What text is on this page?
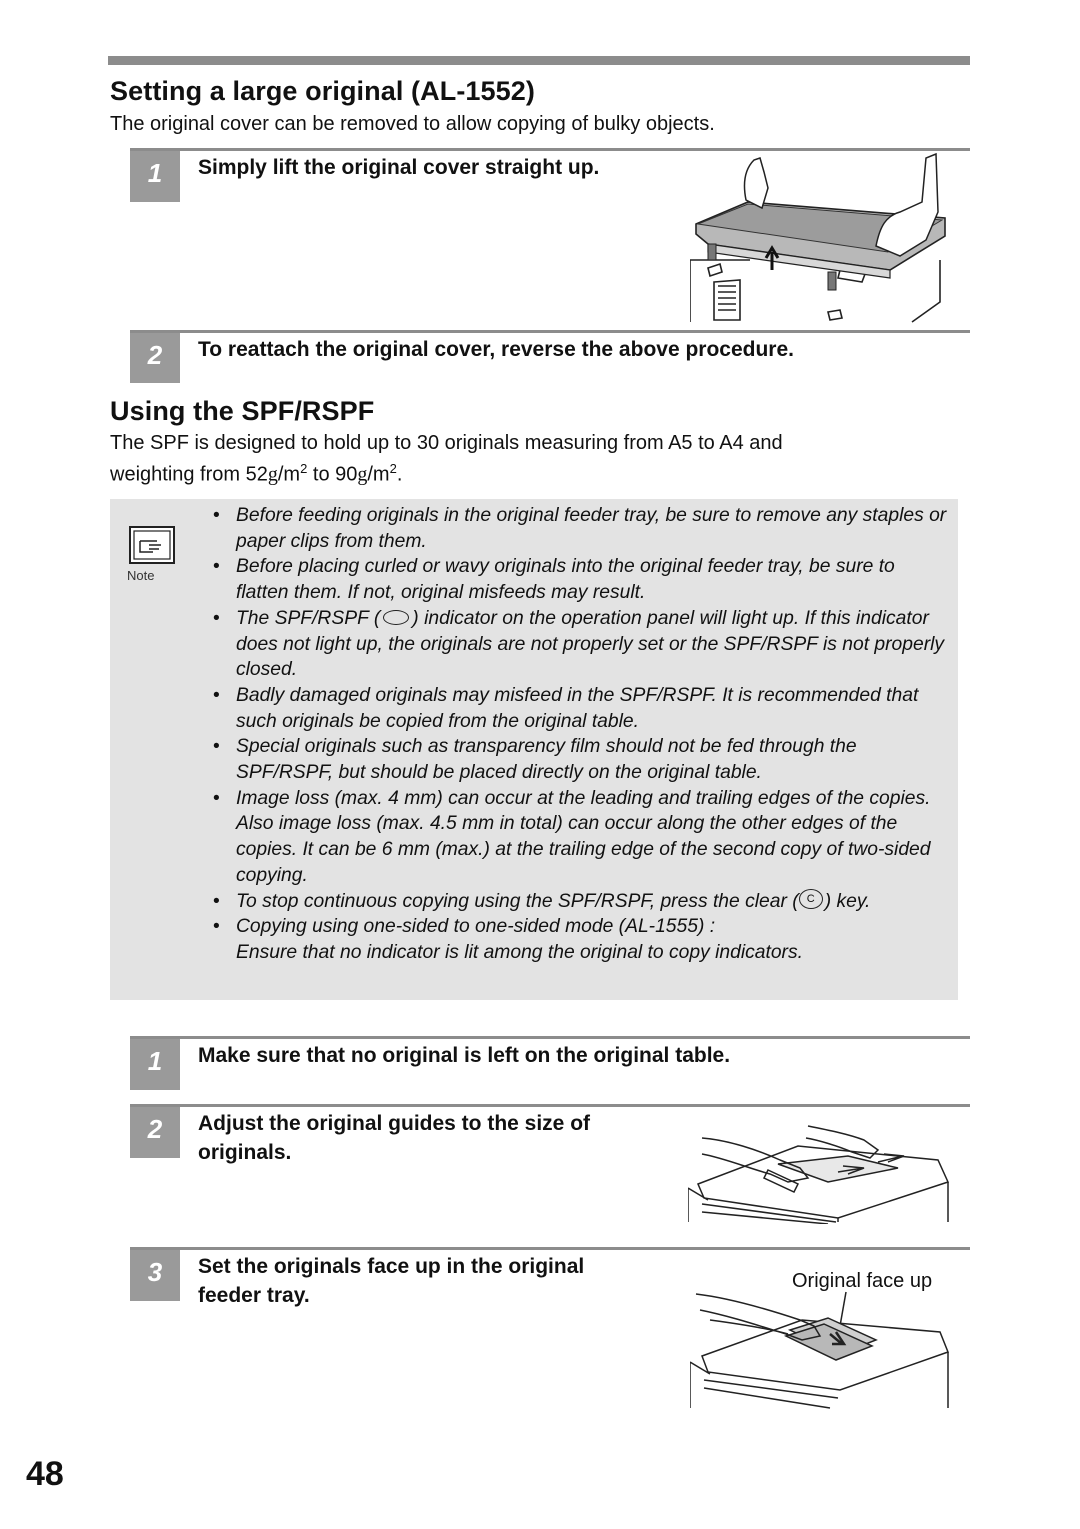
Setting a large original (AL-1552)
The original cover can be removed to allow copying of bulky objects.
1	Simply lift the original cover straight up.
2	To reattach the original cover, reverse the above procedure.
Using the SPF/RSPF
The SPF is designed to hold up to 30 originals measuring from A5 to A4 and
weighting from $52g/m^2$ to $90g/m^2$.
Note
• Before feeding originals in the original feeder tray, be sure to remove any staples or paper clips from them.
• Before placing curled or wavy originals into the original feeder tray, be sure to flatten them. If not, original misfeeds may result.
• The SPF/RSPF ( ) indicator on the operation panel will light up. If this indicator does not light up, the originals are not properly set or the SPF/RSPF is not properly closed.
• Badly damaged originals may misfeed in the SPF/RSPF. It is recommended that such originals be copied from the original table.
• Special originals such as transparency film should not be fed through the SPF/RSPF, but should be placed directly on the original table.
• Image loss (max. 4 mm) can occur at the leading and trailing edges of the copies. Also image loss (max. 4.5 mm in total) can occur along the other edges of the copies. It can be 6 mm (max.) at the trailing edge of the second copy of two-sided copying.
• To stop continuous copying using the SPF/RSPF, press the clear ( C ) key.
• Copying using one-sided to one-sided mode (AL-1555) :
Ensure that no indicator is lit among the original to copy indicators.
1	Make sure that no original is left on the original table.
2	Adjust the original guides to the size of originals.
3	Set the originals face up in the original feeder tray.
Original face up
48
